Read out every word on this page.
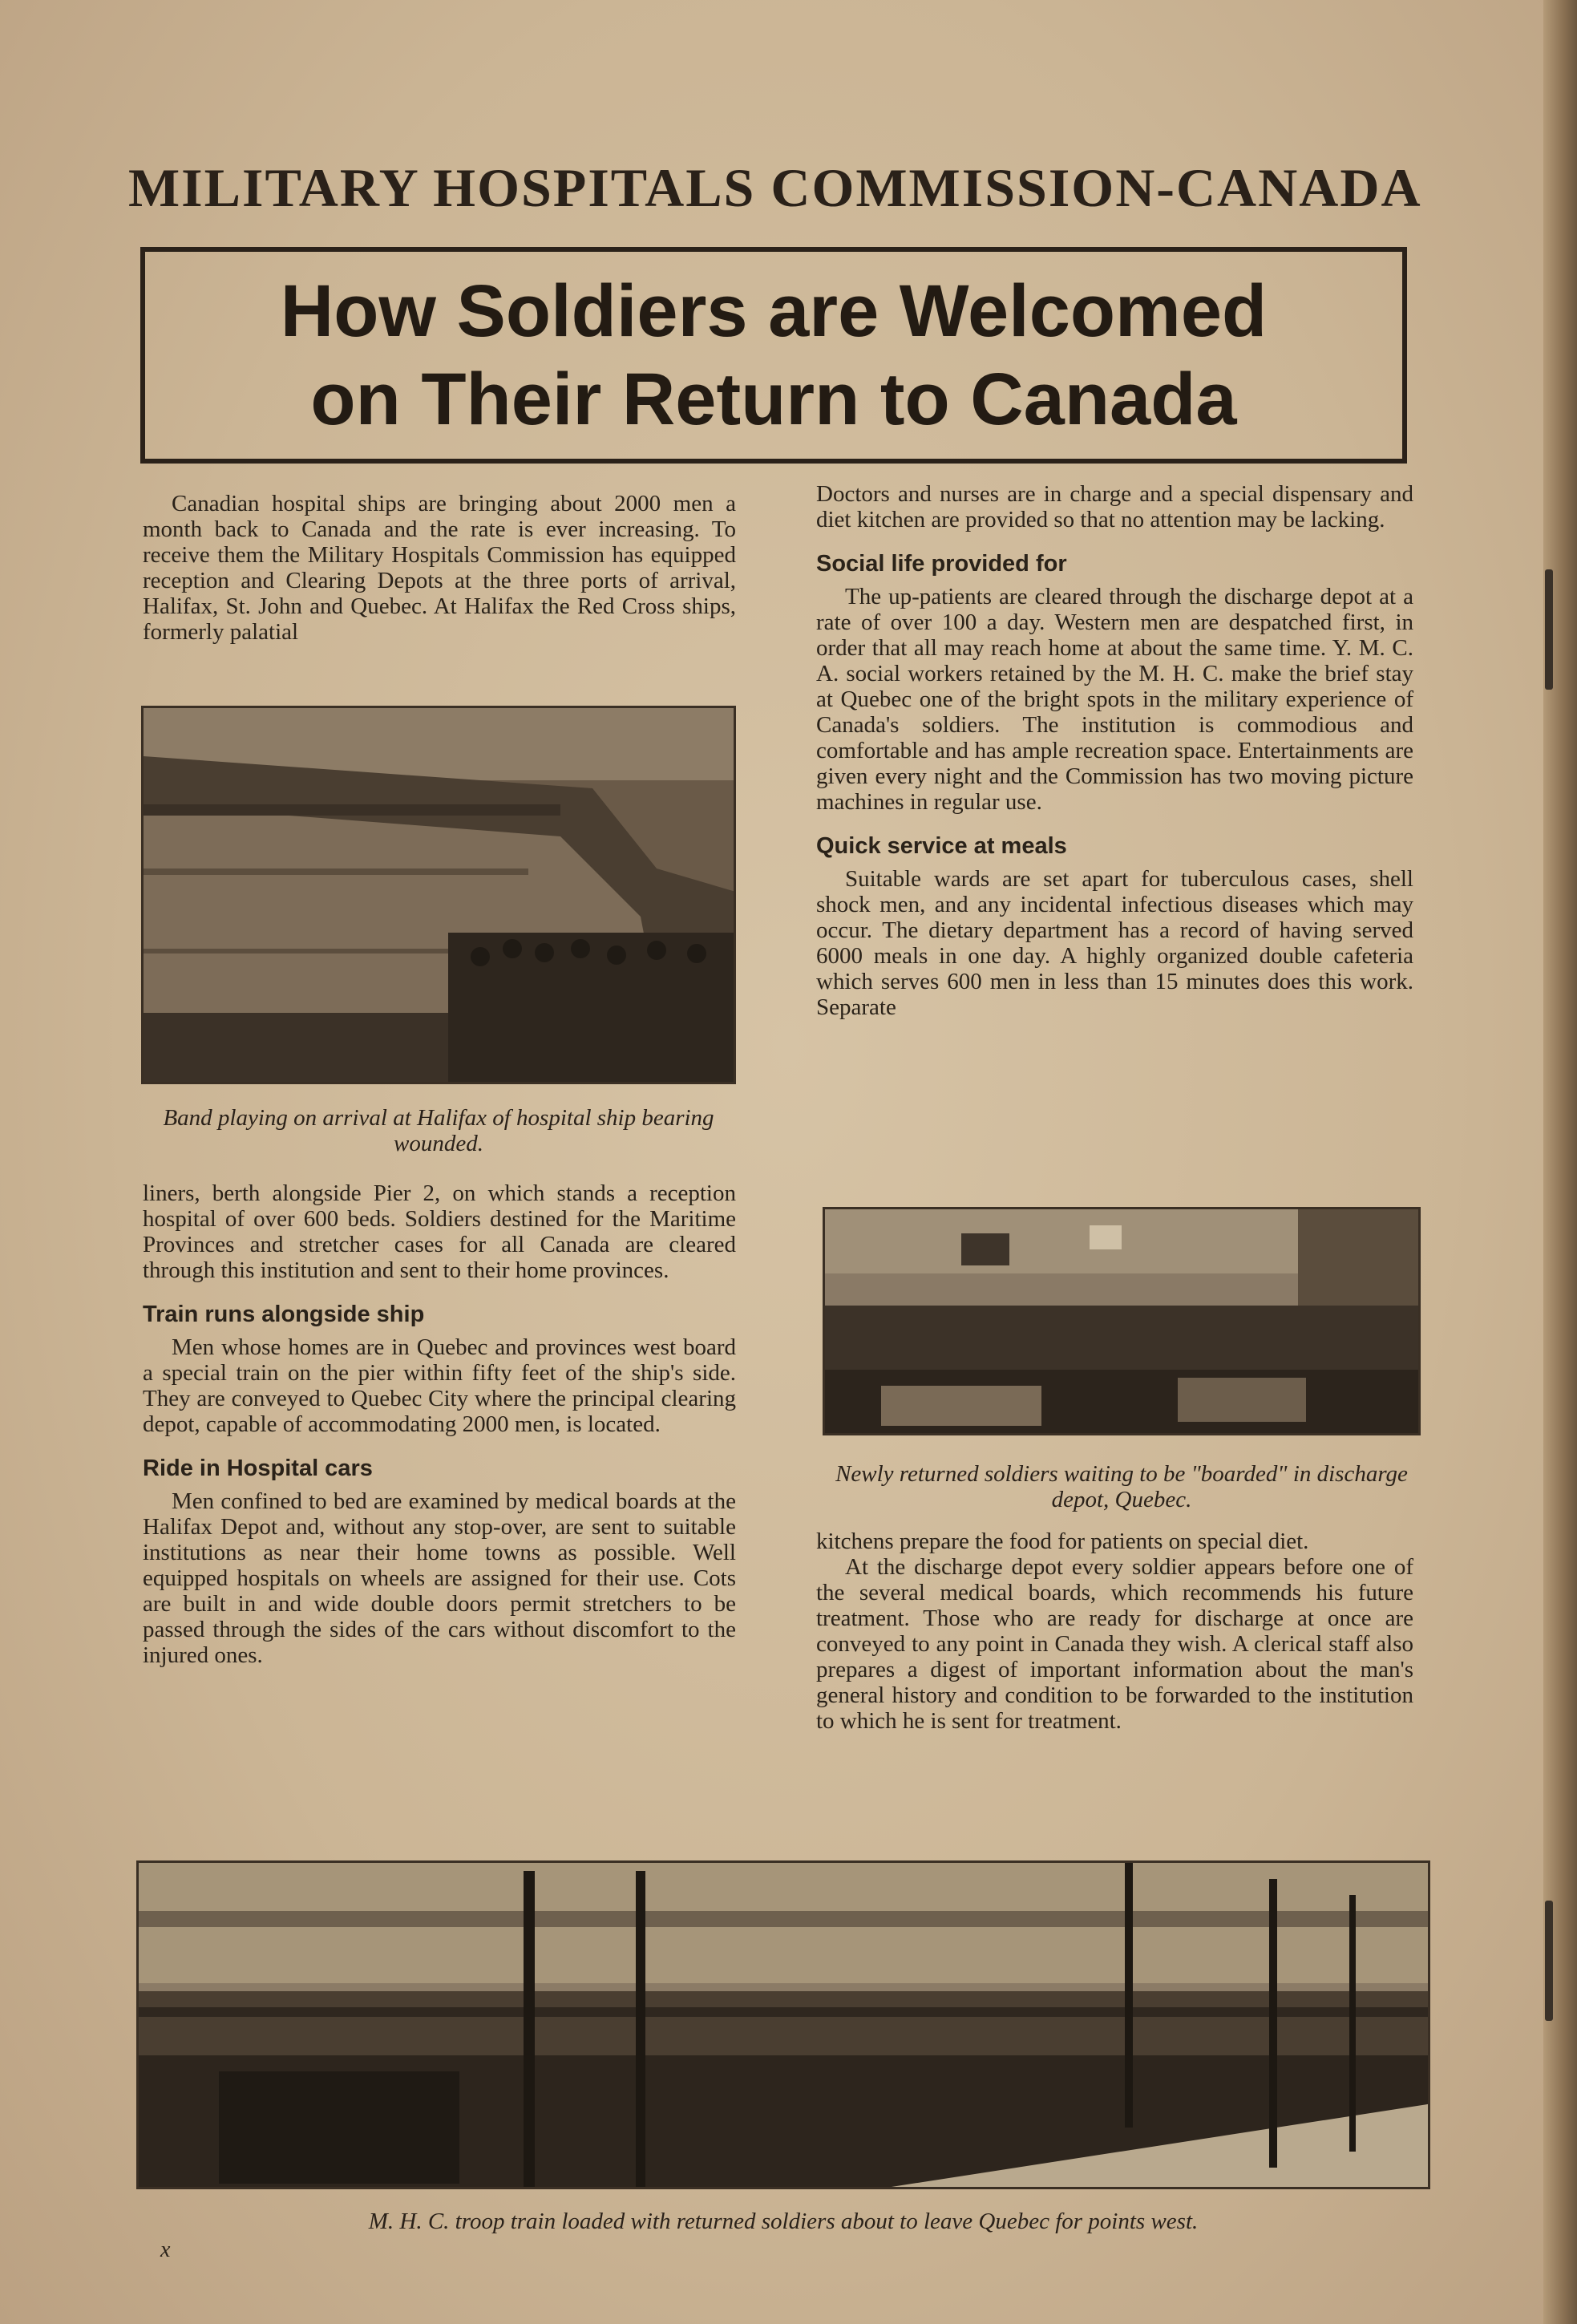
MILITARY HOSPITALS COMMISSION-CANADA
How Soldiers are Welcomed
on Their Return to Canada

Canadian hospital ships are bringing about 2000 men a month back to Canada and the rate is ever increasing. To receive them the Military Hospitals Commission has equipped reception and Clearing Depots at the three ports of arrival, Halifax, St. John and Quebec. At Halifax the Red Cross ships, formerly palatial

Band playing on arrival at Halifax of hospital ship bearing wounded.

liners, berth alongside Pier 2, on which stands a reception hospital of over 600 beds. Soldiers destined for the Maritime Provinces and stretcher cases for all Canada are cleared through this institution and sent to their home provinces.

Train runs alongside ship

Men whose homes are in Quebec and provinces west board a special train on the pier within fifty feet of the ship's side. They are conveyed to Quebec City where the principal clearing depot, capable of accommodating 2000 men, is located.

Ride in Hospital cars

Men confined to bed are examined by medical boards at the Halifax Depot and, without any stop-over, are sent to suitable institutions as near their home towns as possible. Well equipped hospitals on wheels are assigned for their use. Cots are built in and wide double doors permit stretchers to be passed through the sides of the cars without discomfort to the injured ones.

Doctors and nurses are in charge and a special dispensary and diet kitchen are provided so that no attention may be lacking.

Social life provided for

The up-patients are cleared through the discharge depot at a rate of over 100 a day. Western men are despatched first, in order that all may reach home at about the same time. Y. M. C. A. social workers retained by the M. H. C. make the brief stay at Quebec one of the bright spots in the military experience of Canada's soldiers. The institution is commodious and comfortable and has ample recreation space. Entertainments are given every night and the Commission has two moving picture machines in regular use.

Quick service at meals

Suitable wards are set apart for tuberculous cases, shell shock men, and any incidental infectious diseases which may occur. The dietary department has a record of having served 6000 meals in one day. A highly organized double cafeteria which serves 600 men in less than 15 minutes does this work. Separate

Newly returned soldiers waiting to be "boarded" in discharge depot, Quebec.

kitchens prepare the food for patients on special diet.

At the discharge depot every soldier appears before one of the several medical boards, which recommends his future treatment. Those who are ready for discharge at once are conveyed to any point in Canada they wish. A clerical staff also prepares a digest of important information about the man's general history and condition to be forwarded to the institution to which he is sent for treatment.

M. H. C. troop train loaded with returned soldiers about to leave Quebec for points west.
x
